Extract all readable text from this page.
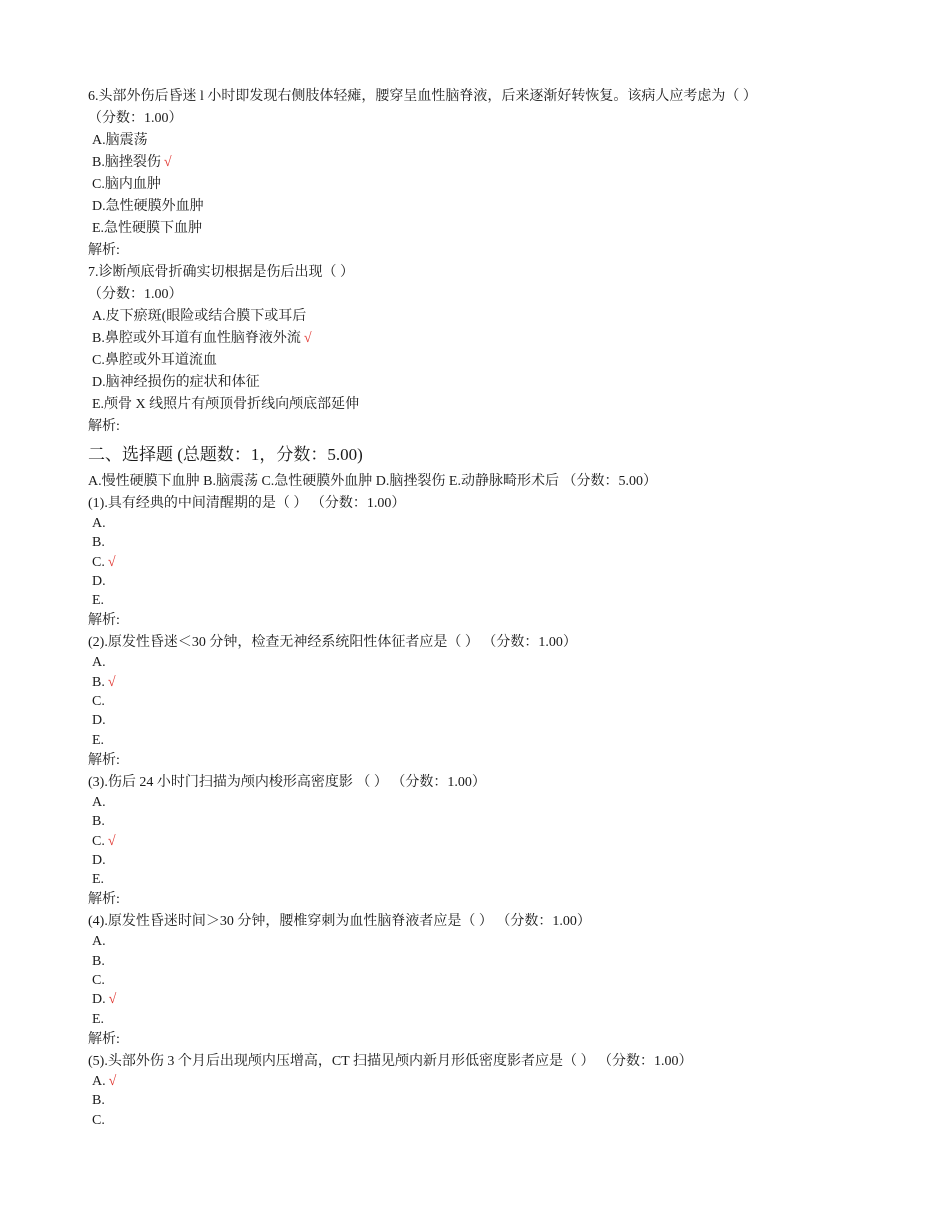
6.头部外伤后昏迷 l 小时即发现右侧肢体轻瘫，腰穿呈血性脑脊液，后来逐渐好转恢复。该病人应考虑为（ ）
（分数：1.00）
A.脑震荡
B.脑挫裂伤 √
C.脑内血肿
D.急性硬膜外血肿
E.急性硬膜下血肿
解析:
7.诊断颅底骨折确实切根据是伤后出现（ ）
（分数：1.00）
A.皮下瘀斑(眼险或结合膜下或耳后
B.鼻腔或外耳道有血性脑脊液外流 √
C.鼻腔或外耳道流血
D.脑神经损伤的症状和体征
E.颅骨 X 线照片有颅顶骨折线向颅底部延伸
解析:
二、选择题 (总题数：1，分数：5.00)
A.慢性硬膜下血肿 B.脑震荡 C.急性硬膜外血肿 D.脑挫裂伤 E.动静脉畸形术后 （分数：5.00）
(1).具有经典的中间清醒期的是（ ） （分数：1.00）
A.
B.
C. √
D.
E.
解析:
(2).原发性昏迷＜30 分钟，检查无神经系统阳性体征者应是（ ） （分数：1.00）
A.
B. √
C.
D.
E.
解析:
(3).伤后 24 小时门扫描为颅内梭形高密度影 （ ） （分数：1.00）
A.
B.
C. √
D.
E.
解析:
(4).原发性昏迷时间＞30 分钟，腰椎穿刺为血性脑脊液者应是（ ） （分数：1.00）
A.
B.
C.
D. √
E.
解析:
(5).头部外伤 3 个月后出现颅内压增高，CT 扫描见颅内新月形低密度影者应是（ ） （分数：1.00）
A. √
B.
C.
